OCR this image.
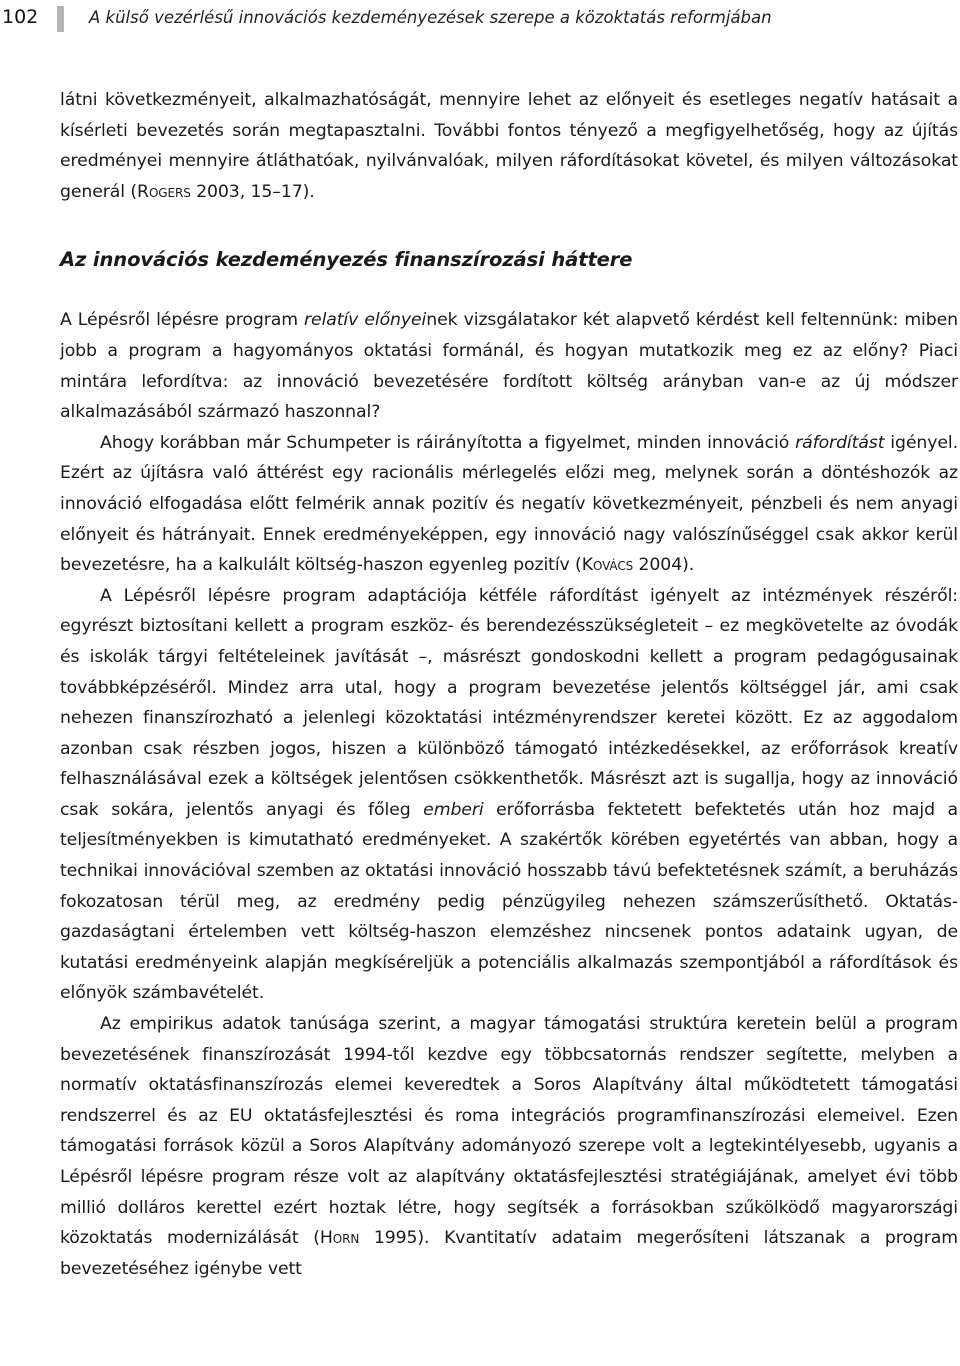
102	A külső vezérlésű innovációs kezdeményezések szerepe a közoktatás reformjában

látni következményeit, alkalmazhatóságát, mennyire lehet az előnyeit és esetleges negatív hatásait a kísérleti bevezetés során megtapasztalni. További fontos tényező a megfigyelhetőség, hogy az újítás eredményei mennyire átláthatóak, nyilvánvalóak, milyen ráfordításokat követel, és milyen változásokat generál (Rogers 2003, 15–17).

Az innovációs kezdeményezés finanszírozási háttere

A Lépésről lépésre program relatív előnyeinek vizsgálatakor két alapvető kérdést kell feltennünk: miben jobb a program a hagyományos oktatási formánál, és hogyan mutatkozik meg ez az előny? Piaci mintára lefordítva: az innováció bevezetésére fordított költség arányban van-e az új módszer alkalmazásából származó haszonnal?

Ahogy korábban már Schumpeter is ráirányította a figyelmet, minden innováció ráfordítást igényel. Ezért az újításra való áttérést egy racionális mérlegelés előzi meg, melynek során a döntéshozók az innováció elfogadása előtt felmérik annak pozitív és negatív következményeit, pénzbeli és nem anyagi előnyeit és hátrányait. Ennek eredményeképpen, egy innováció nagy valószínűséggel csak akkor kerül bevezetésre, ha a kalkulált költség-haszon egyenleg pozitív (Kovács 2004).

A Lépésről lépésre program adaptációja kétféle ráfordítást igényelt az intézmények részéről: egyrészt biztosítani kellett a program eszköz- és berendezésszükségleteit – ez megkövetelte az óvodák és iskolák tárgyi feltételeinek javítását –, másrészt gondoskodni kellett a program pedagógusainak továbbképzéséről. Mindez arra utal, hogy a program bevezetése jelentős költséggel jár, ami csak nehezen finanszírozható a jelenlegi közoktatási intézményrendszer keretei között. Ez az aggodalom azonban csak részben jogos, hiszen a különböző támogató intézkedésekkel, az erőforrások kreatív felhasználásával ezek a költségek jelentősen csökkenthetők. Másrészt azt is sugallja, hogy az innováció csak sokára, jelentős anyagi és főleg emberi erőforrásba fektetett befektetés után hoz majd a teljesítményekben is kimutatható eredményeket. A szakértők körében egyetértés van abban, hogy a technikai innovációval szemben az oktatási innováció hosszabb távú befektetésnek számít, a beruházás fokozatosan térül meg, az eredmény pedig pénzügyileg nehezen számszerűsíthető. Oktatás-gazdaságtani értelemben vett költség-haszon elemzéshez nincsenek pontos adataink ugyan, de kutatási eredményeink alapján megkíséreljük a potenciális alkalmazás szempontjából a ráfordítások és előnyök számbavételét.

Az empirikus adatok tanúsága szerint, a magyar támogatási struktúra keretein belül a program bevezetésének finanszírozását 1994-től kezdve egy többcsatornás rendszer segítette, melyben a normatív oktatásfinanszírozás elemei keveredtek a Soros Alapítvány által működtetett támogatási rendszerrel és az EU oktatásfejlesztési és roma integrációs programfinanszírozási elemeivel. Ezen támogatási források közül a Soros Alapítvány adományozó szerepe volt a legtekintélyesebb, ugyanis a Lépésről lépésre program része volt az alapítvány oktatásfejlesztési stratégiájának, amelyet évi több millió dolláros kerettel ezért hoztak létre, hogy segítsék a forrásokban szűkölködő magyarországi közoktatás modernizálását (Horn 1995). Kvantitatív adataim megerősíteni látszanak a program bevezetéséhez igénybe vett
